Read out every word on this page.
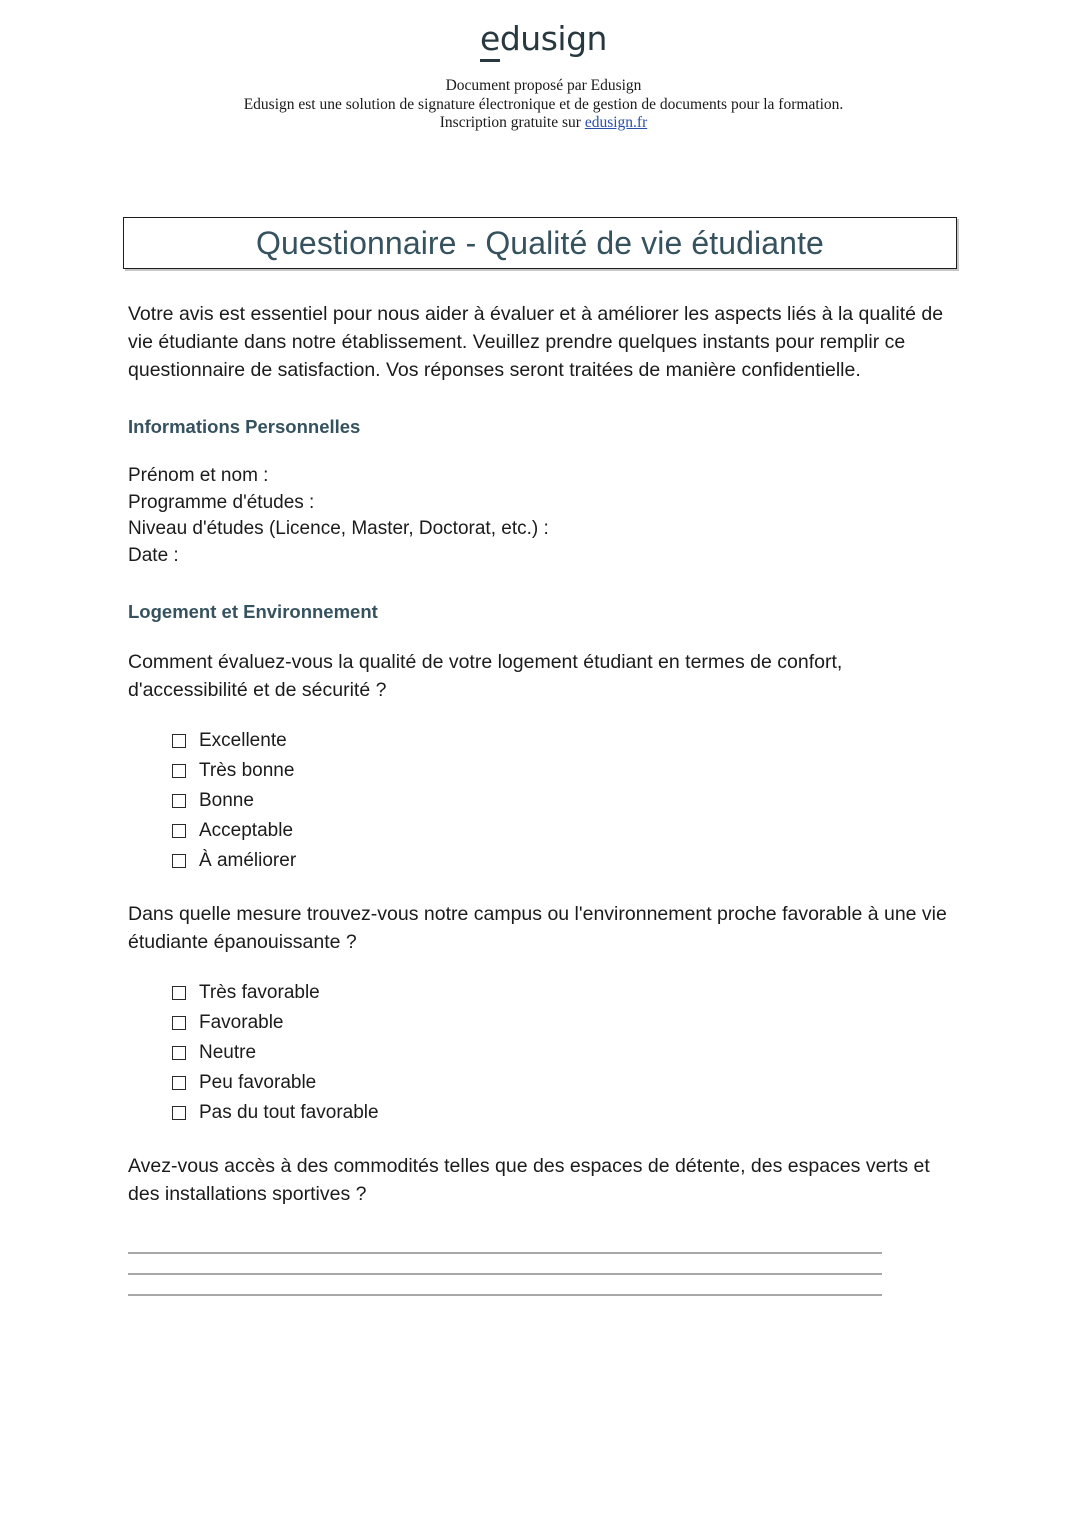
edusign
Document proposé par Edusign
Edusign est une solution de signature électronique et de gestion de documents pour la formation.
Inscription gratuite sur edusign.fr
Questionnaire - Qualité de vie étudiante

Votre avis est essentiel pour nous aider à évaluer et à améliorer les aspects liés à la qualité de vie étudiante dans notre établissement. Veuillez prendre quelques instants pour remplir ce questionnaire de satisfaction. Vos réponses seront traitées de manière confidentielle.

Informations Personnelles
Prénom et nom :
Programme d'études :
Niveau d'études (Licence, Master, Doctorat, etc.) :
Date :
Logement et Environnement

Comment évaluez-vous la qualité de votre logement étudiant en termes de confort, d'accessibilité et de sécurité ?

Excellente
Très bonne
Bonne
Acceptable
À améliorer

Dans quelle mesure trouvez-vous notre campus ou l'environnement proche favorable à une vie étudiante épanouissante ?

Très favorable
Favorable
Neutre
Peu favorable
Pas du tout favorable

Avez-vous accès à des commodités telles que des espaces de détente, des espaces verts et des installations sportives ?
